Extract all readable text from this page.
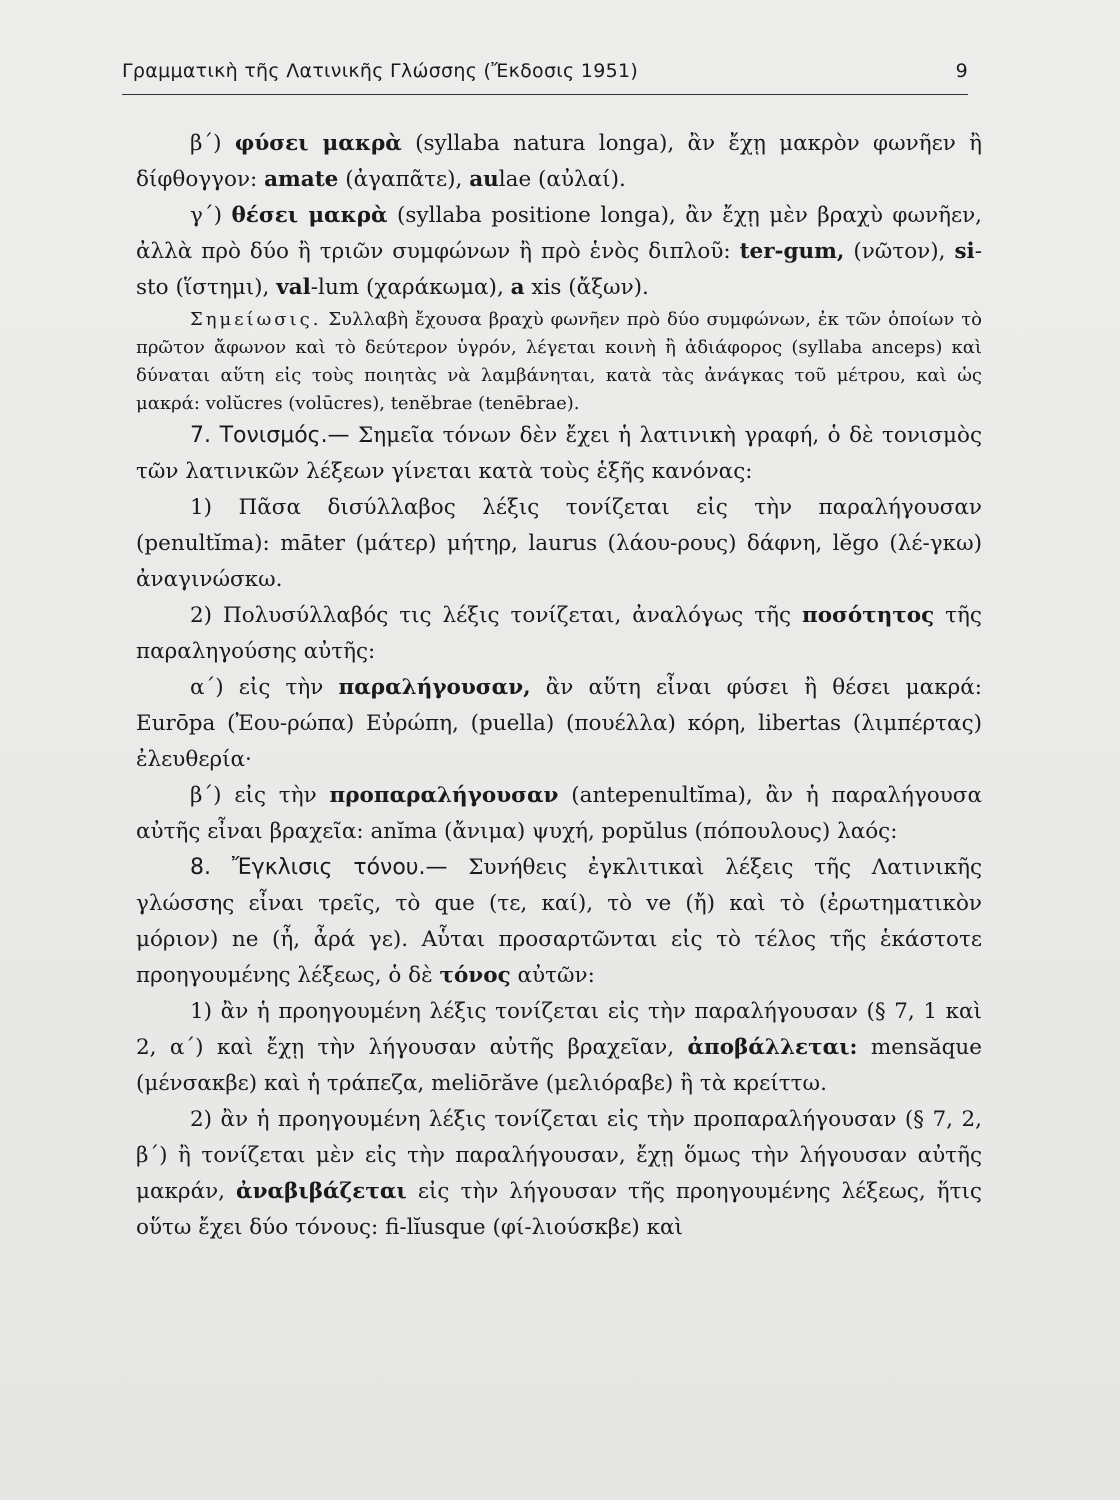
Γραμματικὴ τῆς Λατινικῆς Γλώσσης (Ἔκδοσις 1951)	9

β΄) φύσει μακρὰ (syllaba natura longa), ἂν ἔχῃ μακρὸν φωνῆεν ἢ δίφθογγον: amate (ἀγαπᾶτε), aulae (αὐλαί).

γ΄) θέσει μακρὰ (syllaba positione longa), ἂν ἔχῃ μὲν βραχὺ φωνῆεν, ἀλλὰ πρὸ δύο ἢ τριῶν συμφώνων ἢ πρὸ ἑνὸς διπλοῦ: ter-gum, (νῶτον), si-sto (ἵστημι), val-lum (χαράκωμα), a xis (ἄξων).

Σημείωσις. Συλλαβὴ ἔχουσα βραχὺ φωνῆεν πρὸ δύο συμφώνων, ἐκ τῶν ὁποίων τὸ πρῶτον ἄφωνον καὶ τὸ δεύτερον ὑγρόν, λέγεται κοινὴ ἢ ἀδιάφορος (syllaba anceps) καὶ δύναται αὕτη εἰς τοὺς ποιητὰς νὰ λαμβάνηται, κατὰ τὰς ἀνάγκας τοῦ μέτρου, καὶ ὡς μακρά: volŭcres (volūcres), tenĕbrae (tenēbrae).

7. Τονισμός.— Σημεῖα τόνων δὲν ἔχει ἡ λατινικὴ γραφή, ὁ δὲ τονισμὸς τῶν λατινικῶν λέξεων γίνεται κατὰ τοὺς ἑξῆς κανόνας:

1) Πᾶσα δισύλλαβος λέξις τονίζεται εἰς τὴν παραλήγουσαν (penultĭma): māter (μάτερ) μήτηρ, laurus (λάου-ρους) δάφνη, lĕgo (λέ-γκω) ἀναγινώσκω.

2) Πολυσύλλαβός τις λέξις τονίζεται, ἀναλόγως τῆς ποσότητος τῆς παραληγούσης αὐτῆς:

α΄) εἰς τὴν παραλήγουσαν, ἂν αὕτη εἶναι φύσει ἢ θέσει μακρά: Eurōpa (Ἐου-ρώπα) Εὐρώπη, (puella) (πουέλλα) κόρη, libertas (λιμπέρτας) ἐλευθερία·

β΄) εἰς τὴν προπαραλήγουσαν (antepenultĭma), ἂν ἡ παραλήγουσα αὐτῆς εἶναι βραχεῖα: anĭma (ἄνιμα) ψυχή, popŭlus (πόπουλους) λαός:

8. Ἔγκλισις τόνου.— Συνήθεις ἐγκλιτικαὶ λέξεις τῆς Λατινικῆς γλώσσης εἶναι τρεῖς, τὸ que (τε, καί), τὸ ve (ἤ) καὶ τὸ (ἐρωτηματικὸν μόριον) ne (ἦ, ἆρά γε). Αὗται προσαρτῶνται εἰς τὸ τέλος τῆς ἑκάστοτε προηγουμένης λέξεως, ὁ δὲ τόνος αὐτῶν:

1) ἂν ἡ προηγουμένη λέξις τονίζεται εἰς τὴν παραλήγουσαν (§ 7, 1 καὶ 2, α΄) καὶ ἔχῃ τὴν λήγουσαν αὐτῆς βραχεῖαν, ἀποβάλλεται: mensăque (μένσακβε) καὶ ἡ τράπεζα, meliōrăve (μελιόραβε) ἢ τὰ κρείττω.

2) ἂν ἡ προηγουμένη λέξις τονίζεται εἰς τὴν προπαραλήγουσαν (§ 7, 2, β΄) ἢ τονίζεται μὲν εἰς τὴν παραλήγουσαν, ἔχῃ ὅμως τὴν λήγουσαν αὐτῆς μακράν, ἀναβιβάζεται εἰς τὴν λήγουσαν τῆς προηγουμένης λέξεως, ἥτις οὕτω ἔχει δύο τόνους: fi-lĭusque (φί-λιούσκβε) καὶ
